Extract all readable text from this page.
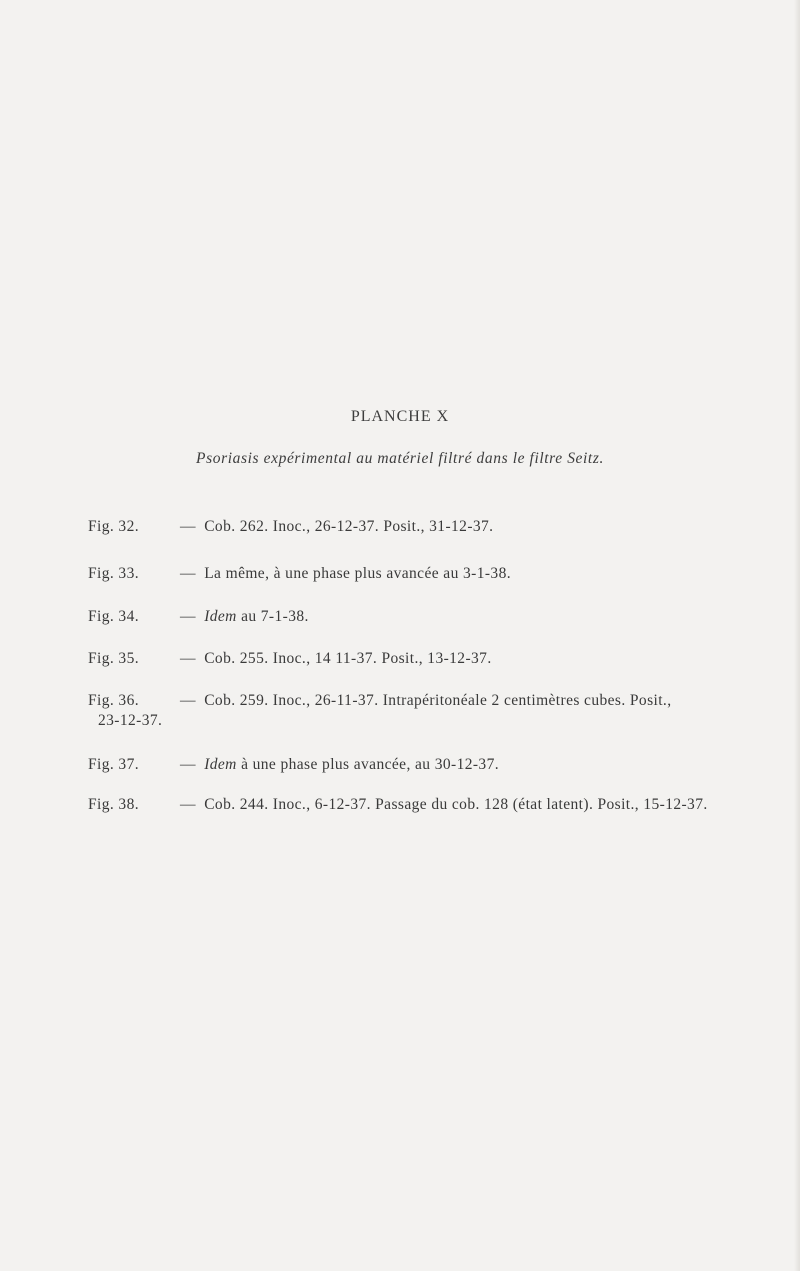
PLANCHE X
Psoriasis expérimental au matériel filtré dans le filtre Seitz.
Fig. 32.	— Cob. 262. Inoc., 26-12-37. Posit., 31-12-37.
Fig. 33.	— La même, à une phase plus avancée au 3-1-38.
Fig. 34.	— Idem au 7-1-38.
Fig. 35.	— Cob. 255. Inoc., 14 11-37. Posit., 13-12-37.
Fig. 36.	— Cob. 259. Inoc., 26-11-37. Intrapéritonéale 2 centimètres cubes. Posit.,
23-12-37.
Fig. 37.	— Idem à une phase plus avancée, au 30-12-37.
Fig. 38.	— Cob. 244. Inoc., 6-12-37. Passage du cob. 128 (état latent). Posit., 15-12-37.
